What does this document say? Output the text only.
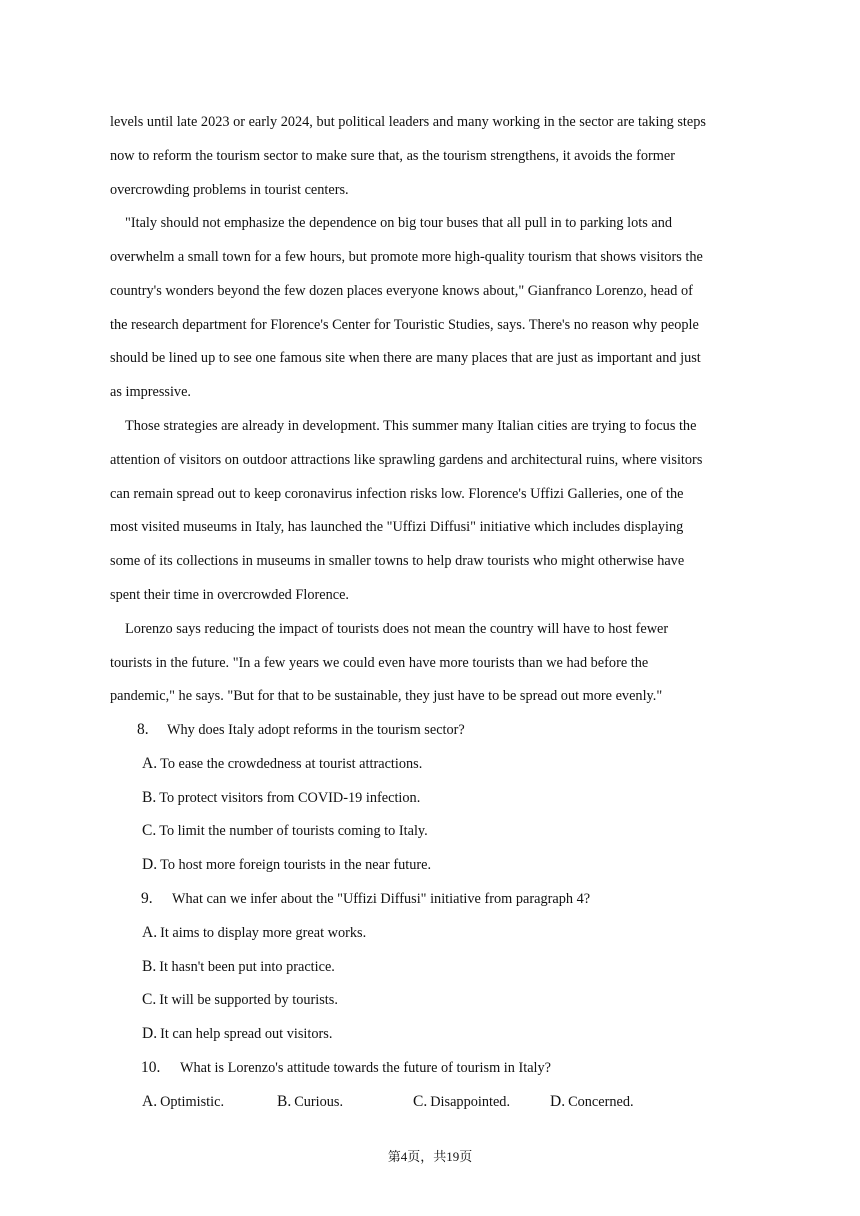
levels until late 2023 or early 2024, but political leaders and many working in the sector are taking steps

now to reform the tourism sector to make sure that, as the tourism strengthens, it avoids the former

overcrowding problems in tourist centers.

"Italy should not emphasize the dependence on big tour buses that all pull in to parking lots and

overwhelm a small town for a few hours, but promote more high-quality tourism that shows visitors the

country's wonders beyond the few dozen places everyone knows about," Gianfranco Lorenzo, head of

the research department for Florence's Center for Touristic Studies, says. There's no reason why people

should be lined up to see one famous site when there are many places that are just as important and just

as impressive.

Those strategies are already in development. This summer many Italian cities are trying to focus the

attention of visitors on outdoor attractions like sprawling gardens and architectural ruins, where visitors

can remain spread out to keep coronavirus infection risks low. Florence's Uffizi Galleries, one of the

most visited museums in Italy, has launched the "Uffizi Diffusi" initiative which includes displaying

some of its collections in museums in smaller towns to help draw tourists who might otherwise have

spent their time in overcrowded Florence.

Lorenzo says reducing the impact of tourists does not mean the country will have to host fewer

tourists in the future. "In a few years we could even have more tourists than we had before the

pandemic," he says. "But for that to be sustainable, they just have to be spread out more evenly."

8. Why does Italy adopt reforms in the tourism sector?
A. To ease the crowdedness at tourist attractions.
B. To protect visitors from COVID-19 infection.
C. To limit the number of tourists coming to Italy.
D. To host more foreign tourists in the near future.
9. What can we infer about the "Uffizi Diffusi" initiative from paragraph 4?
A. It aims to display more great works.
B. It hasn't been put into practice.
C. It will be supported by tourists.
D. It can help spread out visitors.
10. What is Lorenzo's attitude towards the future of tourism in Italy?
A. Optimistic.	B. Curious.	C. Disappointed.	D. Concerned.
第4页，共19页
